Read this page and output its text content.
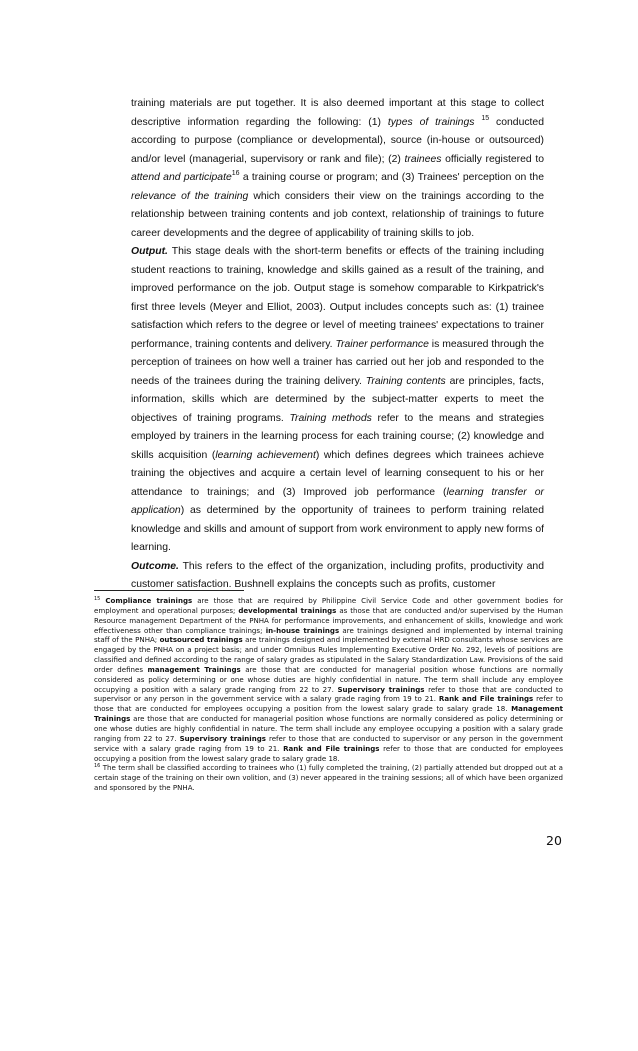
training materials are put together. It is also deemed important at this stage to collect descriptive information regarding the following: (1) types of trainings $^{15}$ conducted according to purpose (compliance or developmental), source (in-house or outsourced) and/or level (managerial, supervisory or rank and file); (2) trainees officially registered to attend and participate$^{16}$ a training course or program; and (3) Trainees' perception on the relevance of the training which considers their view on the trainings according to the relationship between training contents and job context, relationship of trainings to future career developments and the degree of applicability of training skills to job.

Output. This stage deals with the short-term benefits or effects of the training including student reactions to training, knowledge and skills gained as a result of the training, and improved performance on the job. Output stage is somehow comparable to Kirkpatrick's first three levels (Meyer and Elliot, 2003). Output includes concepts such as: (1) trainee satisfaction which refers to the degree or level of meeting trainees' expectations to trainer performance, training contents and delivery. Trainer performance is measured through the perception of trainees on how well a trainer has carried out her job and responded to the needs of the trainees during the training delivery. Training contents are principles, facts, information, skills which are determined by the subject-matter experts to meet the objectives of training programs. Training methods refer to the means and strategies employed by trainers in the learning process for each training course; (2) knowledge and skills acquisition (learning achievement) which defines degrees which trainees achieve training the objectives and acquire a certain level of learning consequent to his or her attendance to trainings; and (3) Improved job performance (learning transfer or application) as determined by the opportunity of trainees to perform training related knowledge and skills and amount of support from work environment to apply new forms of learning.

Outcome. This refers to the effect of the organization, including profits, productivity and customer satisfaction. Bushnell explains the concepts such as profits, customer

$^{15}$ Compliance trainings are those that are required by Philippine Civil Service Code and other government bodies for employment and operational purposes; developmental trainings as those that are conducted and/or supervised by the Human Resource management Department of the PNHA for performance improvements, and enhancement of skills, knowledge and work effectiveness other than compliance trainings; in-house trainings are trainings designed and implemented by internal training staff of the PNHA; outsourced trainings are trainings designed and implemented by external HRD consultants whose services are engaged by the PNHA on a project basis; and under Omnibus Rules Implementing Executive Order No. 292, levels of positions are classified and defined according to the range of salary grades as stipulated in the Salary Standardization Law. Provisions of the said order defines management Trainings are those that are conducted for managerial position whose functions are normally considered as policy determining or one whose duties are highly confidential in nature. The term shall include any employee occupying a position with a salary grade ranging from 22 to 27. Supervisory trainings refer to those that are conducted to supervisor or any person in the government service with a salary grade raging from 19 to 21. Rank and File trainings refer to those that are conducted for employees occupying a position from the lowest salary grade to salary grade 18. Management Trainings are those that are conducted for managerial position whose functions are normally considered as policy determining or one whose duties are highly confidential in nature. The term shall include any employee occupying a position with a salary grade ranging from 22 to 27. Supervisory trainings refer to those that are conducted to supervisor or any person in the government service with a salary grade raging from 19 to 21. Rank and File trainings refer to those that are conducted for employees occupying a position from the lowest salary grade to salary grade 18.

$^{16}$ The term shall be classified according to trainees who (1) fully completed the training, (2) partially attended but dropped out at a certain stage of the training on their own volition, and (3) never appeared in the training sessions; all of which have been organized and sponsored by the PNHA.

20
